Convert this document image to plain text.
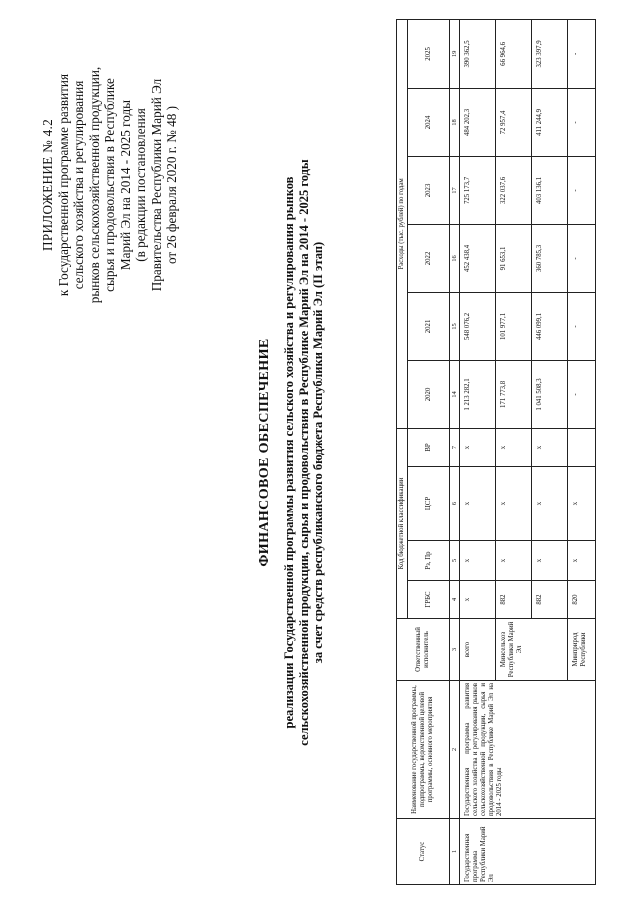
ПРИЛОЖЕНИЕ № 4.2 к Государственной программе развития сельского хозяйства и регулирования рынков сельскохозяйственной продукции, сырья и продовольствия в Республике Марий Эл на 2014 - 2025 годы (в редакции постановления Правительства Республики Марий Эл от 26 февраля 2020 г. № 48 )
ФИНАНСОВОЕ ОБЕСПЕЧЕНИЕ реализации Государственной программы развития сельского хозяйства и регулирования рынков сельскохозяйственной продукции, сырья и продовольствия в Республике Марий Эл на 2014 - 2025 годы за счет средств республиканского бюджета Республики Марий Эл (II этап)
Статус	Наименование государственной программы, подпрограммы, ведомственной целевой программы, основного мероприятия	Ответственный исполнитель	Код бюджетной классификации				Расходы (тыс. рублей) по годам					
			ГРБС	Рз, Пр	ЦСР	ВР	2020	2021	2022	2023	2024	2025
1	2	3	4	5	6	7	14	15	16	17	18	19
Государственная программа Республики Марий Эл	Государственная программа развития сельского хозяйства и регулирования рынков сельскохозяйственной продукции, сырья и продовольствия в Республике Марий Эл на 2014 - 2025 годы	всего	х	х	х	х	1 213 282,1	548 076,2	452 438,4	725 173,7	484 202,3	390 362,5
		Минсельхоз Республики Марий Эл	882	х	х	х	171 773,8	101 977,1	91 653,1	322 037,6	72 957,4	66 964,6
			882	х	х	х	1 041 508,3	446 099,1	360 785,3	403 136,1	411 244,9	323 397,9
		Минприрод Республики	820	х	х		-	-	-	-	-	-
